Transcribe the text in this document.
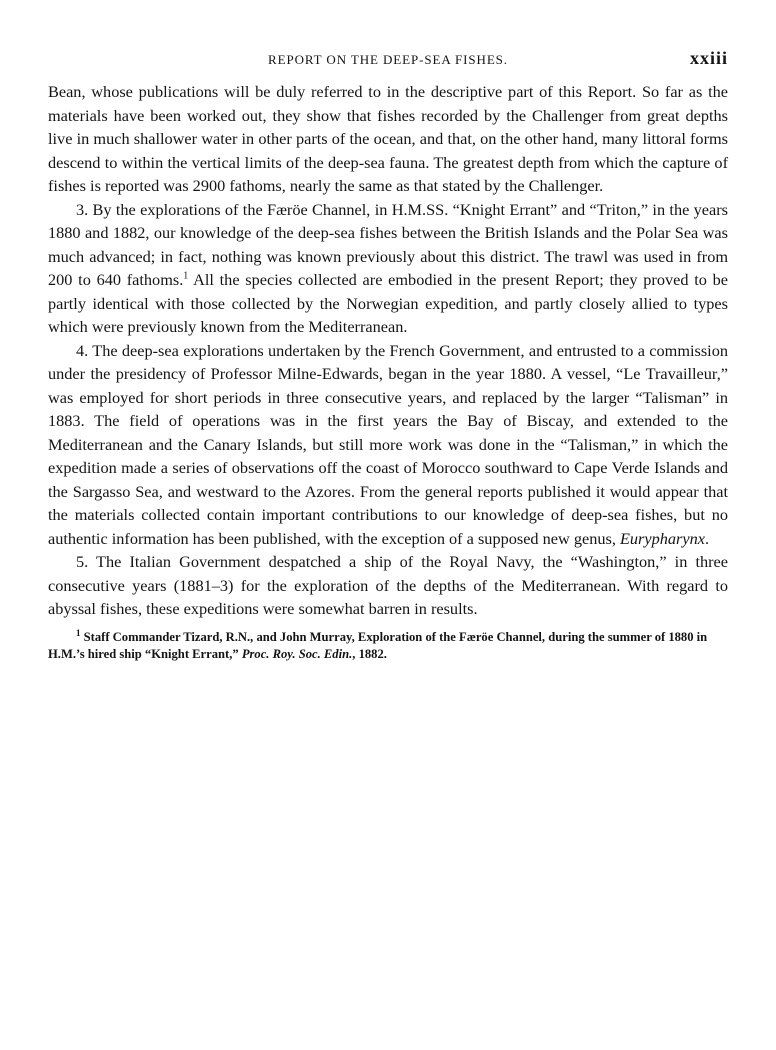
REPORT ON THE DEEP-SEA FISHES.	xxiii

Bean, whose publications will be duly referred to in the descriptive part of this Report. So far as the materials have been worked out, they show that fishes recorded by the Challenger from great depths live in much shallower water in other parts of the ocean, and that, on the other hand, many littoral forms descend to within the vertical limits of the deep-sea fauna. The greatest depth from which the capture of fishes is reported was 2900 fathoms, nearly the same as that stated by the Challenger.

3. By the explorations of the Færöe Channel, in H.M.SS. “Knight Errant” and “Triton,” in the years 1880 and 1882, our knowledge of the deep-sea fishes between the British Islands and the Polar Sea was much advanced; in fact, nothing was known previously about this district. The trawl was used in from 200 to 640 fathoms.$^1$ All the species collected are embodied in the present Report; they proved to be partly identical with those collected by the Norwegian expedition, and partly closely allied to types which were previously known from the Mediterranean.

4. The deep-sea explorations undertaken by the French Government, and entrusted to a commission under the presidency of Professor Milne-Edwards, began in the year 1880. A vessel, “Le Travailleur,” was employed for short periods in three consecutive years, and replaced by the larger “Talisman” in 1883. The field of operations was in the first years the Bay of Biscay, and extended to the Mediterranean and the Canary Islands, but still more work was done in the “Talisman,” in which the expedition made a series of observations off the coast of Morocco southward to Cape Verde Islands and the Sargasso Sea, and westward to the Azores. From the general reports published it would appear that the materials collected contain important contributions to our knowledge of deep-sea fishes, but no authentic information has been published, with the exception of a supposed new genus, Eurypharynx.

5. The Italian Government despatched a ship of the Royal Navy, the “Washington,” in three consecutive years (1881–3) for the exploration of the depths of the Mediterranean. With regard to abyssal fishes, these expeditions were somewhat barren in results.

$^1$ Staff Commander Tizard, R.N., and John Murray, Exploration of the Færöe Channel, during the summer of 1880 in H.M.’s hired ship “Knight Errant,” Proc. Roy. Soc. Edin., 1882.
